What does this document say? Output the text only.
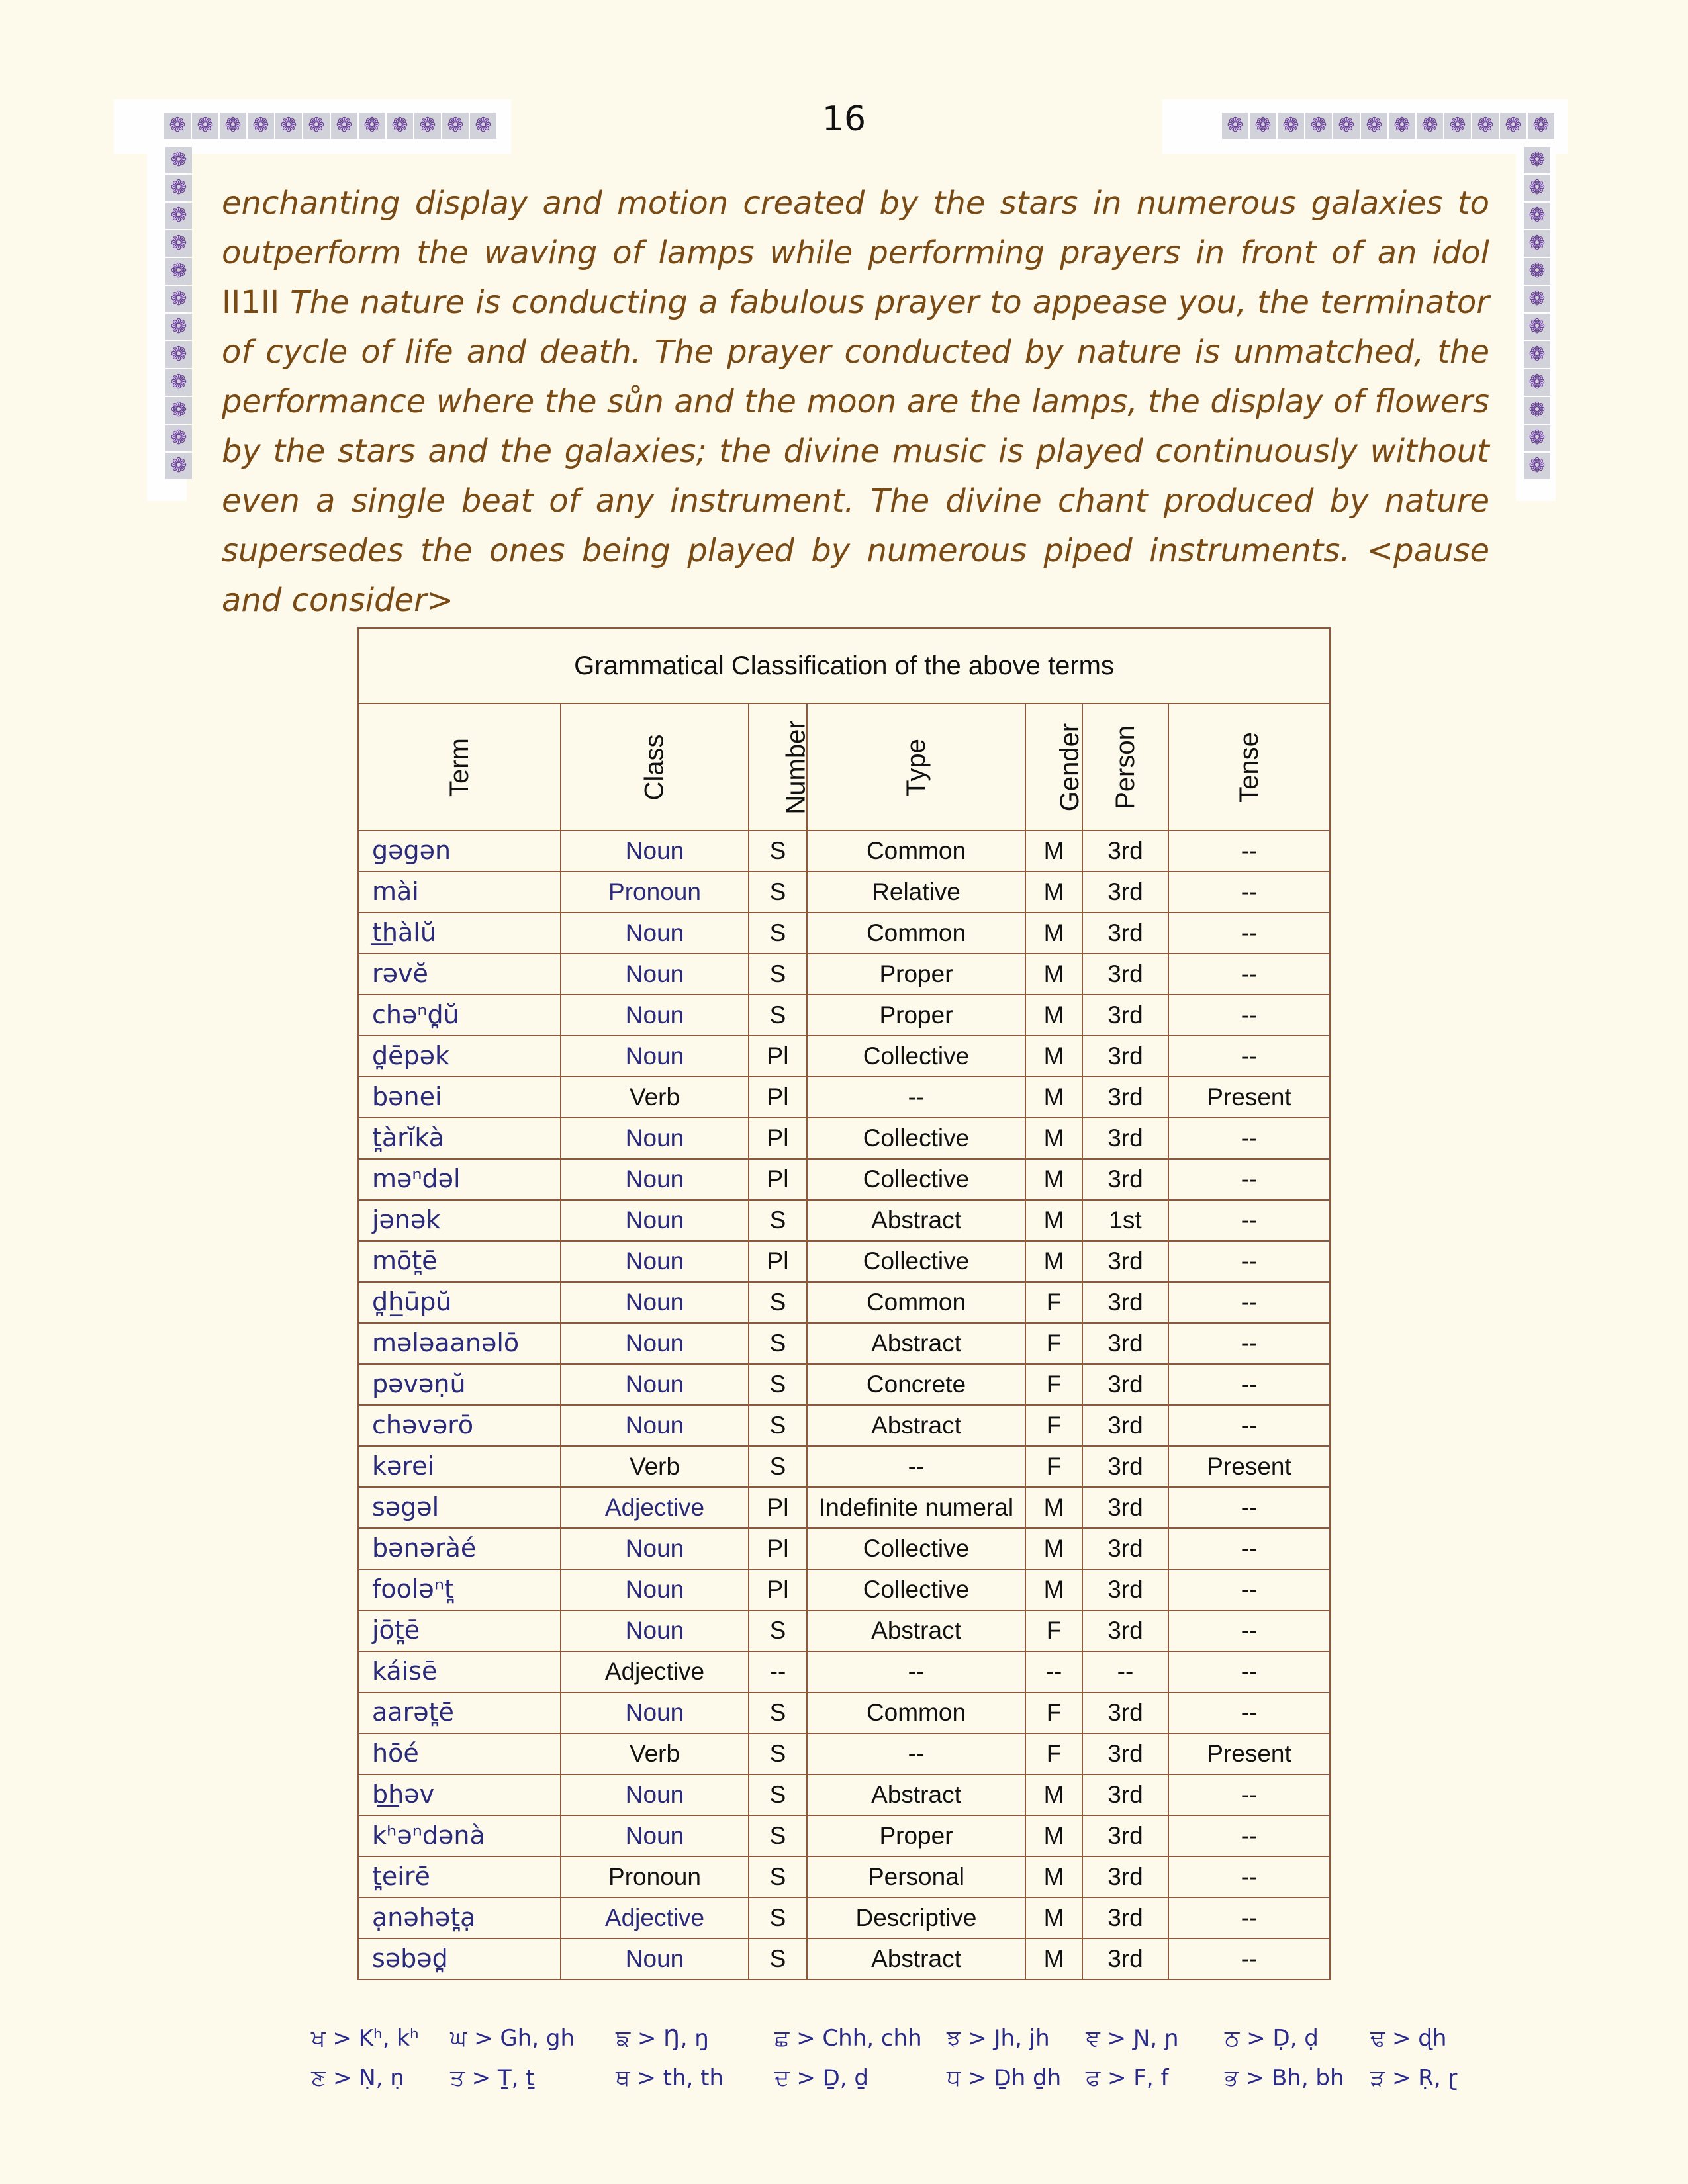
❁ ❁ ❁ ❁ ❁ ❁ ❁ ❁ ❁ ❁ ❁ ❁	❁ ❁ ❁ ❁ ❁ ❁ ❁ ❁ ❁ ❁ ❁ ❁
❁
❁
❁
❁
❁
❁
❁
❁
❁
❁
❁
❁
❁
❁
❁
❁
❁
❁
❁
❁
❁
❁
❁
❁
16

enchanting display and motion created by the stars in numerous galaxies to outperform the waving of lamps while performing prayers in front of an idol II1II The nature is conducting a fabulous prayer to appease you, the terminator of cycle of life and death. The prayer conducted by nature is unmatched, the performance where the sůn and the moon are the lamps, the display of flowers by the stars and the galaxies; the divine music is played continuously without even a single beat of any instrument. The divine chant produced by nature supersedes the ones being played by numerous piped instruments. <pause and consider>

Grammatical Classification of the above terms						
Term	Class	Number	Type	Gender	Person	Tense
gəgən	Noun	S	Common	M	3rd	--
mài	Pronoun	S	Relative	M	3rd	--
t͟hàlŭ	Noun	S	Common	M	3rd	--
rəvĕ	Noun	S	Proper	M	3rd	--
chəⁿd̪ŭ	Noun	S	Proper	M	3rd	--
d̪ēpək	Noun	Pl	Collective	M	3rd	--
bənei	Verb	Pl	--	M	3rd	Present
t̪àrĭkà	Noun	Pl	Collective	M	3rd	--
məⁿdəl	Noun	Pl	Collective	M	3rd	--
jənək	Noun	S	Abstract	M	1st	--
mōt̪ē	Noun	Pl	Collective	M	3rd	--
d̪h̲ūpŭ	Noun	S	Common	F	3rd	--
mələaanəlō	Noun	S	Abstract	F	3rd	--
pəvəṇŭ	Noun	S	Concrete	F	3rd	--
chəvərō	Noun	S	Abstract	F	3rd	--
kərei	Verb	S	--	F	3rd	Present
səgəl	Adjective	Pl	Indefinite numeral	M	3rd	--
bənəràé	Noun	Pl	Collective	M	3rd	--
fooləⁿt̪	Noun	Pl	Collective	M	3rd	--
jōt̪ē	Noun	S	Abstract	F	3rd	--
káisē	Adjective	--	--	--	--	--
aarət̪ē	Noun	S	Common	F	3rd	--
hōé	Verb	S	--	F	3rd	Present
b͟həv	Noun	S	Abstract	M	3rd	--
kʰəⁿdənà	Noun	S	Proper	M	3rd	--
t̪eirē	Pronoun	S	Personal	M	3rd	--
ạnəhət̪ạ	Adjective	S	Descriptive	M	3rd	--
səbəd̪	Noun	S	Abstract	M	3rd	--
ਖ > Kʰ, kʰ ਘ > Gh, gh ਙ > Ŋ, ŋ	ਛ > Chh, chh ਝ > Jh, jh ਞ > Ɲ, ɲ ਠ > Ḍ, ḍ ਢ > ɖh
ਣ > Ṇ, ṇ ਤ > Ṯ, ṯ	ਥ > th, th ਦ > Ḏ, ḏ	ਧ > Ḏh ḏh ਫ > F, f ਭ > Bh, bh ੜ > Ṛ, ɽ
